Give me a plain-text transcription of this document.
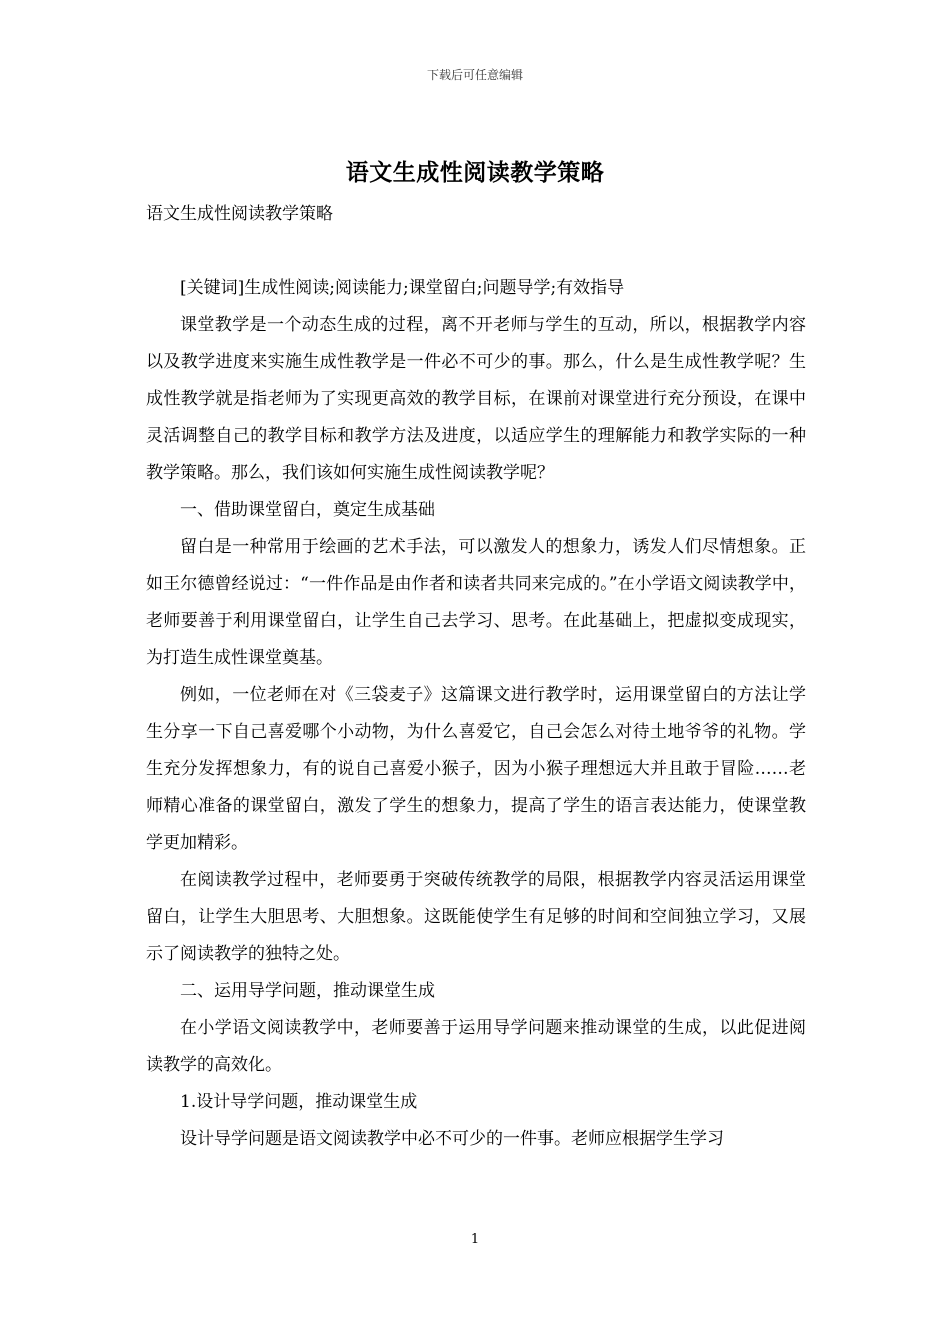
下载后可任意编辑
语文生成性阅读教学策略

语文生成性阅读教学策略

[关键词]生成性阅读;阅读能力;课堂留白;问题导学;有效指导

课堂教学是一个动态生成的过程，离不开老师与学生的互动，所以，根据教学内容以及教学进度来实施生成性教学是一件必不可少的事。那么，什么是生成性教学呢？生成性教学就是指老师为了实现更高效的教学目标，在课前对课堂进行充分预设，在课中灵活调整自己的教学目标和教学方法及进度，以适应学生的理解能力和教学实际的一种教学策略。那么，我们该如何实施生成性阅读教学呢？

一、借助课堂留白，奠定生成基础

留白是一种常用于绘画的艺术手法，可以激发人的想象力，诱发人们尽情想象。正如王尔德曾经说过：“一件作品是由作者和读者共同来完成的。”在小学语文阅读教学中，老师要善于利用课堂留白，让学生自己去学习、思考。在此基础上，把虚拟变成现实，为打造生成性课堂奠基。

例如，一位老师在对《三袋麦子》这篇课文进行教学时，运用课堂留白的方法让学生分享一下自己喜爱哪个小动物，为什么喜爱它，自己会怎么对待土地爷爷的礼物。学生充分发挥想象力，有的说自己喜爱小猴子，因为小猴子理想远大并且敢于冒险……老师精心准备的课堂留白，激发了学生的想象力，提高了学生的语言表达能力，使课堂教学更加精彩。

在阅读教学过程中，老师要勇于突破传统教学的局限，根据教学内容灵活运用课堂留白，让学生大胆思考、大胆想象。这既能使学生有足够的时间和空间独立学习，又展示了阅读教学的独特之处。

二、运用导学问题，推动课堂生成

在小学语文阅读教学中，老师要善于运用导学问题来推动课堂的生成，以此促进阅读教学的高效化。

1.设计导学问题，推动课堂生成

设计导学问题是语文阅读教学中必不可少的一件事。老师应根据学生学习

1
